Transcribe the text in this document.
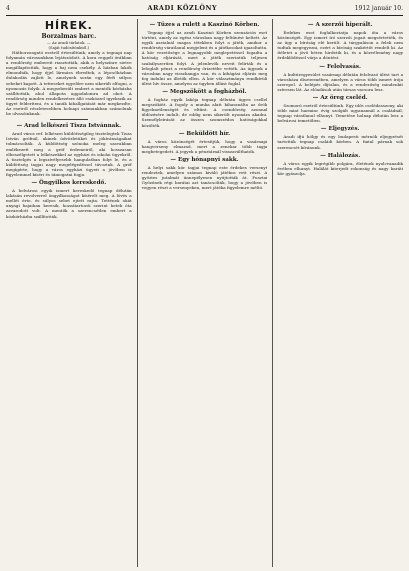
4	ARADI KÖZLÖNY	1912 január 10.
HÍREK.
Borzalmas harc.
— Az aradi tárlatok. —
(Saját tudósítónktól.)

Hátborzongató esetről értesültünk, amely a tegnapi nap folyamán városunkban lejátszódott. A kora reggeli órákban a rendőrség embereit riasztották, akik a helyszínre sietve megállapították, hogy a baj nem csekély. A házban lakók elmondták, hogy éjjel lármára ébredtek, a lépcsőházban dulakodás zajlott le, amelynek során egy férfi súlyos sebeket kapott. A tetteseket egyelőre nem sikerült elfogni, a nyomozás folyik. A megsebesült embert a mentők kórházba szállították, ahol állapota aggodalomra ad okot. A rendőrség minden rendelkezésre álló eszközzel igyekszik az ügyet felderíteni, és a tanúk kihallgatását már megkezdte. Az esetről részletesebben holnapi számunkban számolunk be olvasóinknak.

— Arad lelkészei Tisza Istvánnak.

Arad város ref. lelkészei küldöttségileg tisztelegtek Tisza István grófnál, akinek üdvözletüket és jókívánságaikat tolmácsolták. A küldöttség szónoka meleg szavakban emlékezett meg a gróf érdemeiről, aki hosszasan elbeszélgetett a lelkészekkel az egyházi és iskolai ügyekről. A tisztelgés a legszívélyesebb hangulatban folyt le, és a küldöttség tagjai nagy megelégedéssel távoztak. A gróf megígérte, hogy a város egyházi ügyeit a jövőben is figyelemmel kíséri és támogatni fogja.

— Öngyilkos kereskedő.

A belvárosi egyik ismert kereskedő tegnap délután lakásán revolverrel öngyilkosságot kísérelt meg. A lövés a mellét érte, és súlyos sebet ejtett rajta. Tettének okát anyagi bajaiban keresik, hozzátartozói szerint hetek óta zavarodott volt. A mentők a szerencsétlen embert a közkórházba szállították.

— Tüzes a rulett a Kaszinó Körben.

Tegnap éjjel az aradi Kaszinó Körben szenzációs eset történt, amely az egész városban nagy feltűnést keltett. Az egyik asztalnál magas tétekben folyt a játék, amikor a rendőrség váratlanul megjelent és a játékosokat igazoltatta. A kör vezetősége a legnagyobb meglepetéssel fogadta a hatóság eljárását, mert a játék szerintük teljesen szabályszerűen folyt. A jelenlevők neveit felírták és a lefoglalt pénzt a rendőrség őrizetébe vették. Az ügynek a városban nagy visszhangja van, és a kihágási eljárás meg fog indulni az illetők ellen. A kör választmánya rendkívüli ülést hív össze, amelyen az ügyben állást foglal.

— Megszökött a fogházból.

A fogház egyik lakója tegnap délután ügyes csellel megszökött. A fogoly a munka alatt kihasználta az őrök figyelmetlenségét és eltűnt. A csendőrség azonnal üldözésére indult, de eddig nem sikerült nyomára akadni. Személyleírását az összes szomszédos hatóságokkal közölték.

— Beküldött hír.

A város közönségét értesítjük, hogy a vasárnapi hangverseny elmarad, mert a zenekar több tagja megbetegedett. A jegyek a pénztárnál visszaválthatók.

— Egy hónapnyi sakk.

A helyi sakk kör tagjai tegnap este érdekes versenyt rendeztek, amelyen számos kiváló játékos vett részt. A győztes jutalmát ünnepélyesen nyújtották át. Pusztai Győzőnek régi barátai azt tanácsolták, hogy a jövőben is vegyen részt a versenyeken, mert játéka figyelemre méltó.

— A szerzői hiperált.

Érdekes eset foglalkoztatja napok óta a város közönségét. Egy ismert író szerzői jogait megsértették, és az ügy a bíróság elé került. A tárgyaláson a felek nem tudtak megegyezni, ezért a bíróság szakértőt rendelt ki. Az ítéletet a jövő héten hirdetik ki, és a közvélemény nagy érdeklődéssel várja a döntést.

— Felolvasás.

A kultúregyesület vasárnap délután felolvasó ülést tart a városháza dísztermében, amelyen a város több ismert írója szerepel. A belépés díjtalan, és a rendezőség mindenkit szívesen lát. Az előadások után társas vacsora lesz.

— Az öreg cseléd.

Szomorú esetről értesültünk. Egy idős cselédasszony, aki több mint harminc évig szolgált ugyanannál a családnál, tegnap váratlanul elhunyt. Temetése holnap délután lesz a belvárosi temetőben.

— Eljegyzés.

Aradi ifjú hölgy és egy budapesti mérnök eljegyzését tartották tegnap családi körben. A fiatal párnak sok szerencsét kívánunk.

— Halálozás.

A város egyik legrégibb polgára, életének nyolcvanadik évében elhunyt. Halálát kiterjedt rokonság és nagy baráti kör gyászolja.
